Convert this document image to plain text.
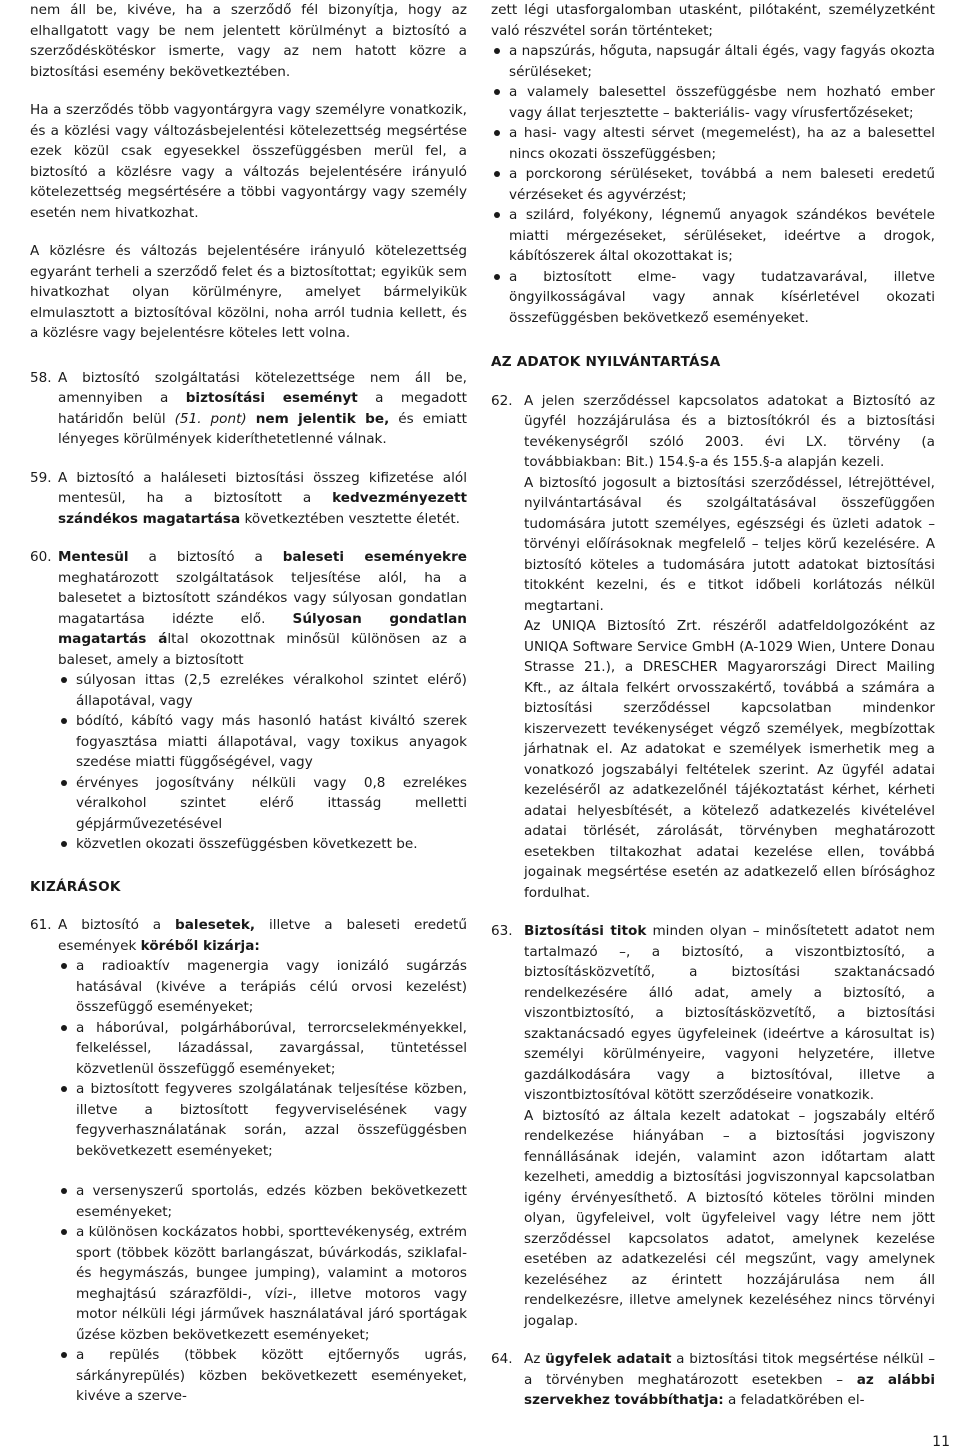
nem áll be, kivéve, ha a szerződő fél bizonyítja, hogy az elhallgatott vagy be nem jelentett körülményt a biztosító a szerződéskötéskor ismerte, vagy az nem hatott közre a biztosítási esemény bekövetkeztében.

Ha a szerződés több vagyontárgyra vagy személyre vonatkozik, és a közlési vagy változásbejelentési kötelezettség megsértése ezek közül csak egyesekkel összefüggésben merül fel, a biztosító a közlésre vagy a változás bejelentésére irányuló kötelezettség megsértésére a többi vagyontárgy vagy személy esetén nem hivatkozhat.

A közlésre és változás bejelentésére irányuló kötelezettség egyaránt terheli a szerződő felet és a biztosítottat; egyikük sem hivatkozhat olyan körülményre, amelyet bármelyikük elmulasztott a biztosítóval közölni, noha arról tudnia kellett, és a közlésre vagy bejelentésre köteles lett volna.

58. A biztosító szolgáltatási kötelezettsége nem áll be, amennyiben a biztosítási eseményt a megadott határidőn belül (51. pont) nem jelentik be, és emiatt lényeges körülmények kideríthetetlenné válnak.
59. A biztosító a haláleseti biztosítási összeg kifizetése alól mentesül, ha a biztosított a kedvezményezett szándékos magatartása következtében vesztette életét.
60. Mentesül a biztosító a baleseti eseményekre meghatározott szolgáltatások teljesítése alól, ha a balesetet a biztosított szándékos vagy súlyosan gondatlan magatartása idézte elő. Súlyosan gondatlan magatartás által okozottnak minősül különösen az a baleset, amely a biztosított
súlyosan ittas (2,5 ezrelékes véralkohol szintet elérő) állapotával, vagy
bódító, kábító vagy más hasonló hatást kiváltó szerek fogyasztása miatti állapotával, vagy toxikus anyagok szedése miatti függőségével, vagy
érvényes jogosítvány nélküli vagy 0,8 ezrelékes véralkohol szintet elérő ittasság melletti gépjárművezetésével
közvetlen okozati összefüggésben következett be.
KIZÁRÁSOK
61. A biztosító a balesetek, illetve a baleseti eredetű események köréből kizárja:
a radioaktív magenergia vagy ionizáló sugárzás hatásával (kivéve a terápiás célú orvosi kezelést) összefüggő eseményeket;
a háborúval, polgárháborúval, terrorcselekményekkel, felkeléssel, lázadással, zavargással, tüntetéssel közvetlenül összefüggő eseményeket;
a biztosított fegyveres szolgálatának teljesítése közben, illetve a biztosított fegyverviselésének vagy fegyverhasználatának során, azzal összefüggésben bekövetkezett eseményeket;
a versenyszerű sportolás, edzés közben bekövetkezett eseményeket;
a különösen kockázatos hobbi, sporttevékenység, extrém sport (többek között barlangászat, búvárkodás, sziklafal- és hegymászás, bungee jumping), valamint a motoros meghajtású szárazföldi-, vízi-, illetve motoros vagy motor nélküli légi járművek használatával járó sportágak űzése közben bekövetkezett eseményeket;
a repülés (többek között ejtőernyős ugrás, sárkányrepülés) közben bekövetkezett eseményeket, kivéve a szerve-

zett légi utasforgalomban utasként, pilótaként, személyzetként való részvétel során történteket;

a napszúrás, hőguta, napsugár általi égés, vagy fagyás okozta sérüléseket;
a valamely balesettel összefüggésbe nem hozható ember vagy állat terjesztette – bakteriális- vagy vírusfertőzéseket;
a hasi- vagy altesti sérvet (megemelést), ha az a balesettel nincs okozati összefüggésben;
a porckorong sérüléseket, továbbá a nem baleseti eredetű vérzéseket és agyvérzést;
a szilárd, folyékony, légnemű anyagok szándékos bevétele miatti mérgezéseket, sérüléseket, ideértve a drogok, kábítószerek által okozottakat is;
a biztosított elme- vagy tudatzavarával, illetve öngyilkosságával vagy annak kísérletével okozati összefüggésben bekövetkező eseményeket.
AZ ADATOK NYILVÁNTARTÁSA
62. A jelen szerződéssel kapcsolatos adatokat a Biztosító az ügyfél hozzájárulása és a biztosítókról és a biztosítási tevékenységről szóló 2003. évi LX. törvény (a továbbiakban: Bit.) 154.§-a és 155.§-a alapján kezeli.

A biztosító jogosult a biztosítási szerződéssel, létrejöttével, nyilvántartásával és szolgáltatásával összefüggően tudomására jutott személyes, egészségi és üzleti adatok – törvényi előírásoknak megfelelő – teljes körű kezelésére. A biztosító köteles a tudomására jutott adatokat biztosítási titokként kezelni, és e titkot időbeli korlátozás nélkül megtartani.

Az UNIQA Biztosító Zrt. részéről adatfeldolgozóként az UNIQA Software Service GmbH (A-1029 Wien, Untere Donau Strasse 21.), a DRESCHER Magyarországi Direct Mailing Kft., az általa felkért orvosszakértő, továbbá a számára a biztosítási szerződéssel kapcsolatban mindenkor kiszervezett tevékenységet végző személyek, megbízottak járhatnak el. Az adatokat e személyek ismerhetik meg a vonatkozó jogszabályi feltételek szerint. Az ügyfél adatai kezeléséről az adatkezelőnél tájékoztatást kérhet, kérheti adatai helyesbítését, a kötelező adatkezelés kivételével adatai törlését, zárolását, törvényben meghatározott esetekben tiltakozhat adatai kezelése ellen, továbbá jogainak megsértése esetén az adatkezelő ellen bírósághoz fordulhat.

63. Biztosítási titok minden olyan – minősítetett adatot nem tartalmazó –, a biztosító, a viszontbiztosító, a biztosításközvetítő, a biztosítási szaktanácsadó rendelkezésére álló adat, amely a biztosító, a viszontbiztosító, a biztosításközvetítő, a biztosítási szaktanácsadó egyes ügyfeleinek (ideértve a károsultat is) személyi körülményeire, vagyoni helyzetére, illetve gazdálkodására vagy a biztosítóval, illetve a viszontbiztosítóval kötött szerződéseire vonatkozik.

A biztosító az általa kezelt adatokat – jogszabály eltérő rendelkezése hiányában – a biztosítási jogviszony fennállásának idején, valamint azon időtartam alatt kezelheti, ameddig a biztosítási jogviszonnyal kapcsolatban igény érvényesíthető. A biztosító köteles törölni minden olyan, ügyfeleivel, volt ügyfeleivel vagy létre nem jött szerződéssel kapcsolatos adatot, amelynek kezelése esetében az adatkezelési cél megszűnt, vagy amelynek kezeléséhez az érintett hozzájárulása nem áll rendelkezésre, illetve amelynek kezeléséhez nincs törvényi jogalap.

64. Az ügyfelek adatait a biztosítási titok megsértése nélkül – a törvényben meghatározott esetekben – az alábbi szervekhez továbbíthatja: a feladatkörében el-
11
